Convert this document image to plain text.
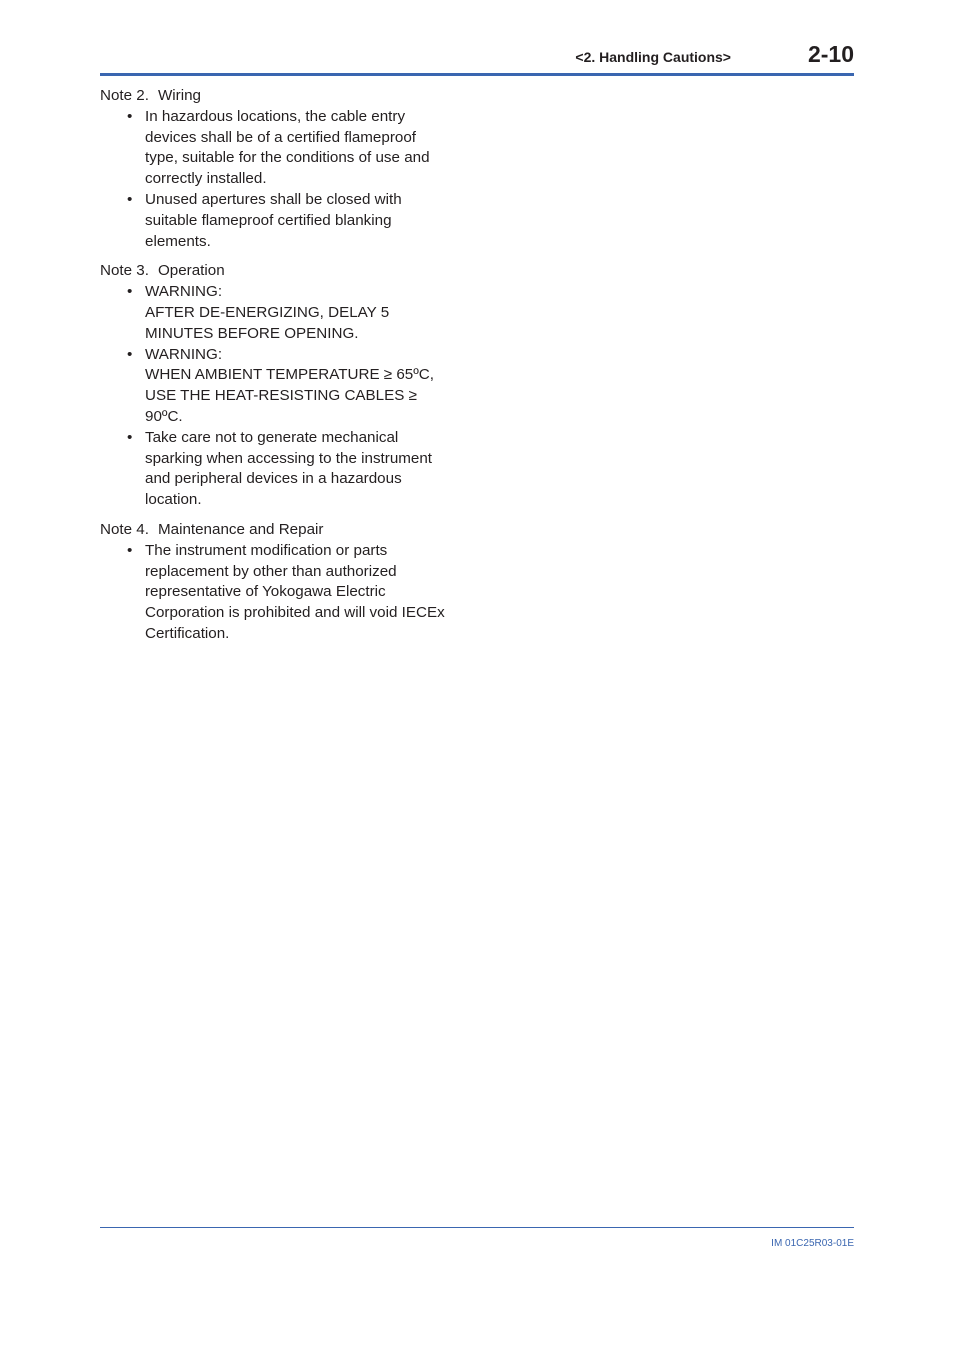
<2. Handling Cautions>	2-10
Note 2. Wiring
• In hazardous locations, the cable entry
devices shall be of a certified flameproof
type, suitable for the conditions of use and
correctly installed.
• Unused apertures shall be closed with
suitable flameproof certified blanking
elements.
Note 3. Operation
• WARNING:
AFTER DE-ENERGIZING, DELAY 5
MINUTES BEFORE OPENING.
• WARNING:
WHEN AMBIENT TEMPERATURE ≥ 65ºC,
USE THE HEAT-RESISTING CABLES ≥
90ºC.
• Take care not to generate mechanical
sparking when accessing to the instrument
and peripheral devices in a hazardous
location.
Note 4. Maintenance and Repair
• The instrument modification or parts
replacement by other than authorized
representative of Yokogawa Electric
Corporation is prohibited and will void IECEx
Certification.
IM 01C25R03-01E
